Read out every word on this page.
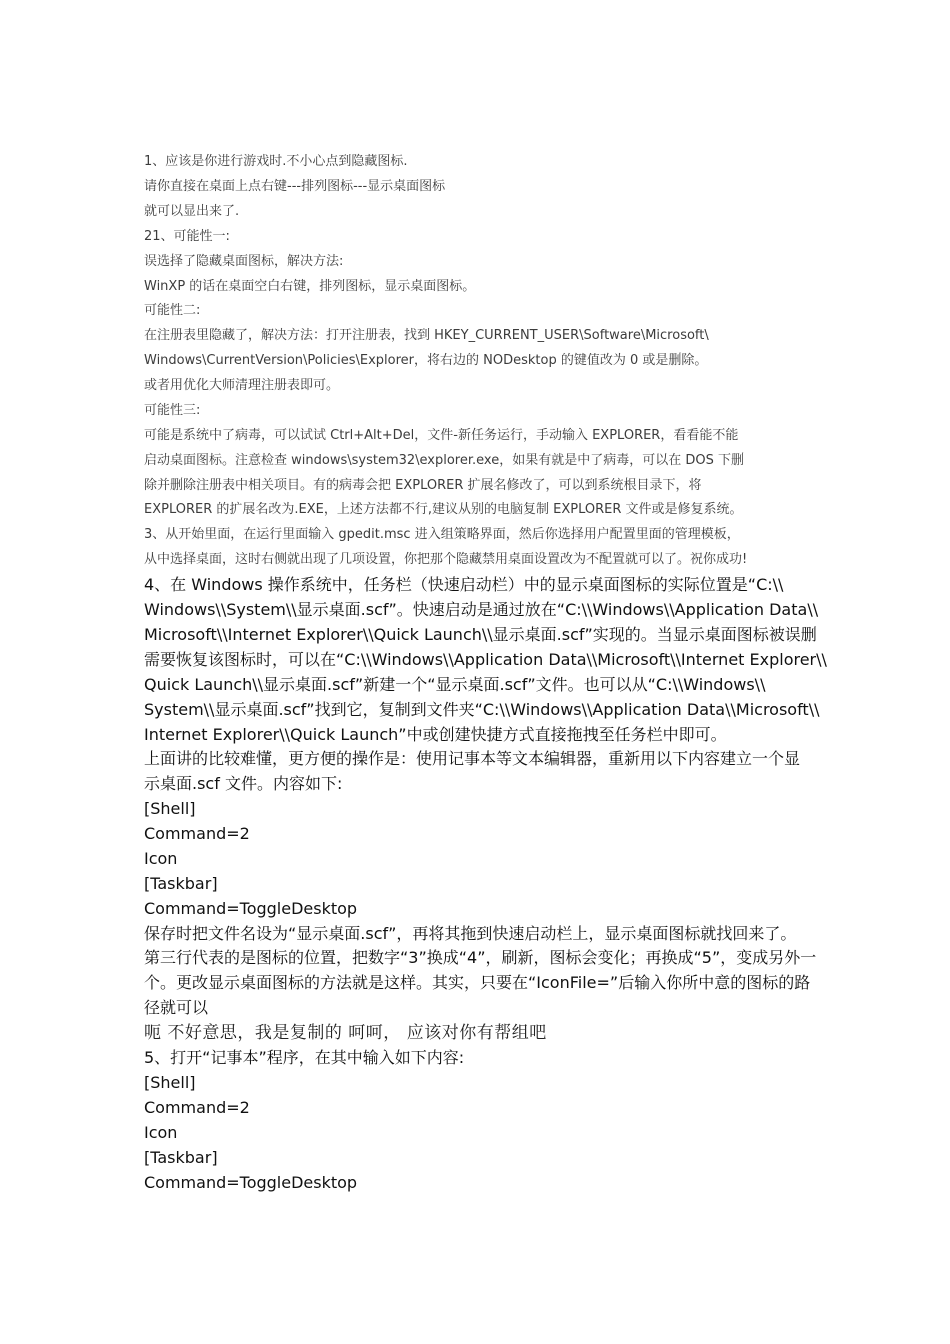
1、应该是你进行游戏时.不小心点到隐藏图标.

请你直接在桌面上点右键---排列图标---显示桌面图标

就可以显出来了.

21、可能性一:

误选择了隐藏桌面图标，解决方法:

WinXP 的话在桌面空白右键，排列图标，显示桌面图标。

可能性二:

在注册表里隐藏了，解决方法：打开注册表，找到 HKEY_CURRENT_USER\Software\Microsoft\

Windows\CurrentVersion\Policies\Explorer，将右边的 NODesktop 的键值改为 0 或是删除。

或者用优化大师清理注册表即可。

可能性三:

可能是系统中了病毒，可以试试 Ctrl+Alt+Del，文件-新任务运行，手动输入 EXPLORER，看看能不能

启动桌面图标。注意检查 windows\system32\explorer.exe，如果有就是中了病毒，可以在 DOS 下删

除并删除注册表中相关项目。有的病毒会把 EXPLORER 扩展名修改了，可以到系统根目录下，将

EXPLORER 的扩展名改为.EXE，上述方法都不行,建议从别的电脑复制 EXPLORER 文件或是修复系统。

3、从开始里面，在运行里面输入 gpedit.msc 进入组策略界面，然后你选择用户配置里面的管理模板，

从中选择桌面，这时右侧就出现了几项设置，你把那个隐藏禁用桌面设置改为不配置就可以了。祝你成功!

4、在 Windows 操作系统中，任务栏（快速启动栏）中的显示桌面图标的实际位置是“C:\\

Windows\\System\\显示桌面.scf”。快速启动是通过放在“C:\\Windows\\Application Data\\

Microsoft\\Internet Explorer\\Quick Launch\\显示桌面.scf”实现的。当显示桌面图标被误删

需要恢复该图标时，可以在“C:\\Windows\\Application Data\\Microsoft\\Internet Explorer\\

Quick Launch\\显示桌面.scf”新建一个“显示桌面.scf”文件。也可以从“C:\\Windows\\

System\\显示桌面.scf”找到它，复制到文件夹“C:\\Windows\\Application Data\\Microsoft\\

Internet Explorer\\Quick Launch”中或创建快捷方式直接拖拽至任务栏中即可。

上面讲的比较难懂，更方便的操作是：使用记事本等文本编辑器，重新用以下内容建立一个显

示桌面.scf 文件。内容如下:

[Shell]

Command=2

Icon

[Taskbar]

Command=ToggleDesktop

保存时把文件名设为“显示桌面.scf”，再将其拖到快速启动栏上，显示桌面图标就找回来了。

第三行代表的是图标的位置，把数字“3”换成“4”，刷新，图标会变化；再换成“5”，变成另外一

个。更改显示桌面图标的方法就是这样。其实，只要在“IconFile=”后输入你所中意的图标的路

径就可以

呃 不好意思，我是复制的 呵呵， 应该对你有帮组吧

5、打开“记事本”程序，在其中输入如下内容:

[Shell]

Command=2

Icon

[Taskbar]

Command=ToggleDesktop
